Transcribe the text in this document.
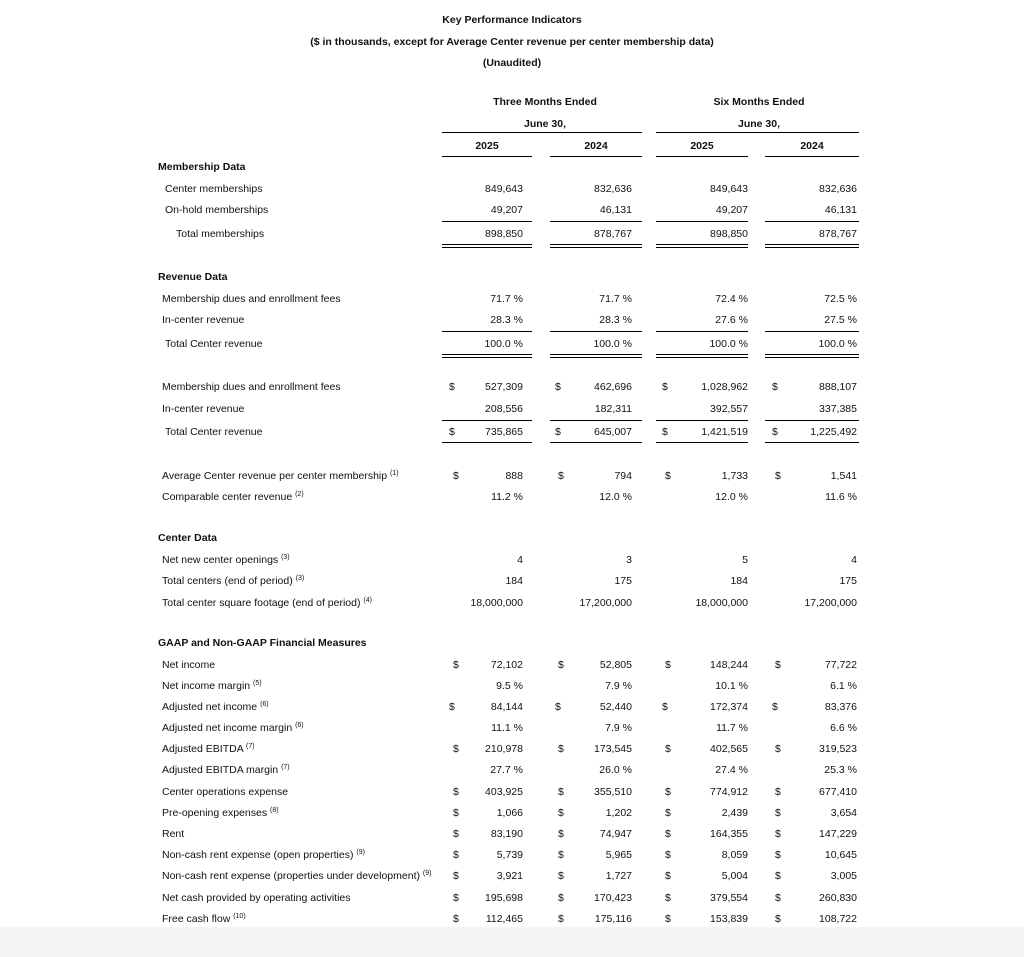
Key Performance Indicators
($ in thousands, except for Average Center revenue per center membership data)
(Unaudited)
Three Months Ended
June 30,
Six Months Ended
June 30,
2025	2024	2025	2024
Membership Data
Revenue Data
Center Data
GAAP and Non-GAAP Financial Measures
Center memberships	849,643	832,636	849,643	832,636
On-hold memberships	49,207	46,131	49,207	46,131
Total memberships	898,850	878,767	898,850	878,767
Membership dues and enrollment fees	71.7 %	71.7 %	72.4 %	72.5 %
In-center revenue	28.3 %	28.3 %	27.6 %	27.5 %
Total Center revenue	100.0 %	100.0 %	100.0 %	100.0 %
Membership dues and enrollment fees	$	527,309	$	462,696	$	1,028,962 $	888,107
In-center revenue	208,556	182,311	392,557	337,385
Total Center revenue	$	735,865	$	645,007	$	1,421,519 $	1,225,492
Average Center revenue per center membership $^{(1)}$	$	888	$	794	$	1,733	$	1,541
Comparable center revenue $^{(2)}$	11.2 %	12.0 %	12.0 %	11.6 %
Net new center openings $^{(3)}$	4	3	5	4
Total centers (end of period) $^{(3)}$	184	175	184	175
Total center square footage (end of period) $^{(4)}$	18,000,000	17,200,000	18,000,000	17,200,000
Net income	$	72,102	$	52,805	$	148,244	$	77,722
Net income margin $^{(5)}$	9.5 %	7.9 %	10.1 %	6.1 %
Adjusted net income $^{(6)}$	$	84,144	$	52,440	$	172,374 $	83,376
Adjusted net income margin $^{(6)}$	11.1 %	7.9 %	11.7 %	6.6 %
Adjusted EBITDA $^{(7)}$	$	210,978	$	173,545	$	402,565	$	319,523
Adjusted EBITDA margin $^{(7)}$	27.7 %	26.0 %	27.4 %	25.3 %
Center operations expense	$	403,925	$	355,510	$	774,912	$	677,410
Pre-opening expenses $^{(8)}$	$	1,066	$	1,202	$	2,439	$	3,654
Rent	$	83,190	$	74,947	$	164,355	$	147,229
Non-cash rent expense (open properties) $^{(9)}$	$	5,739	$	5,965	$	8,059	$	10,645
Non-cash rent expense (properties under development) $^{(9)}$ $	3,921	$	1,727	$	5,004	$	3,005
Net cash provided by operating activities	$	195,698	$	170,423	$	379,554	$	260,830
Free cash flow $^{(10)}$	$	112,465	$	175,116	$	153,839	$	108,722
